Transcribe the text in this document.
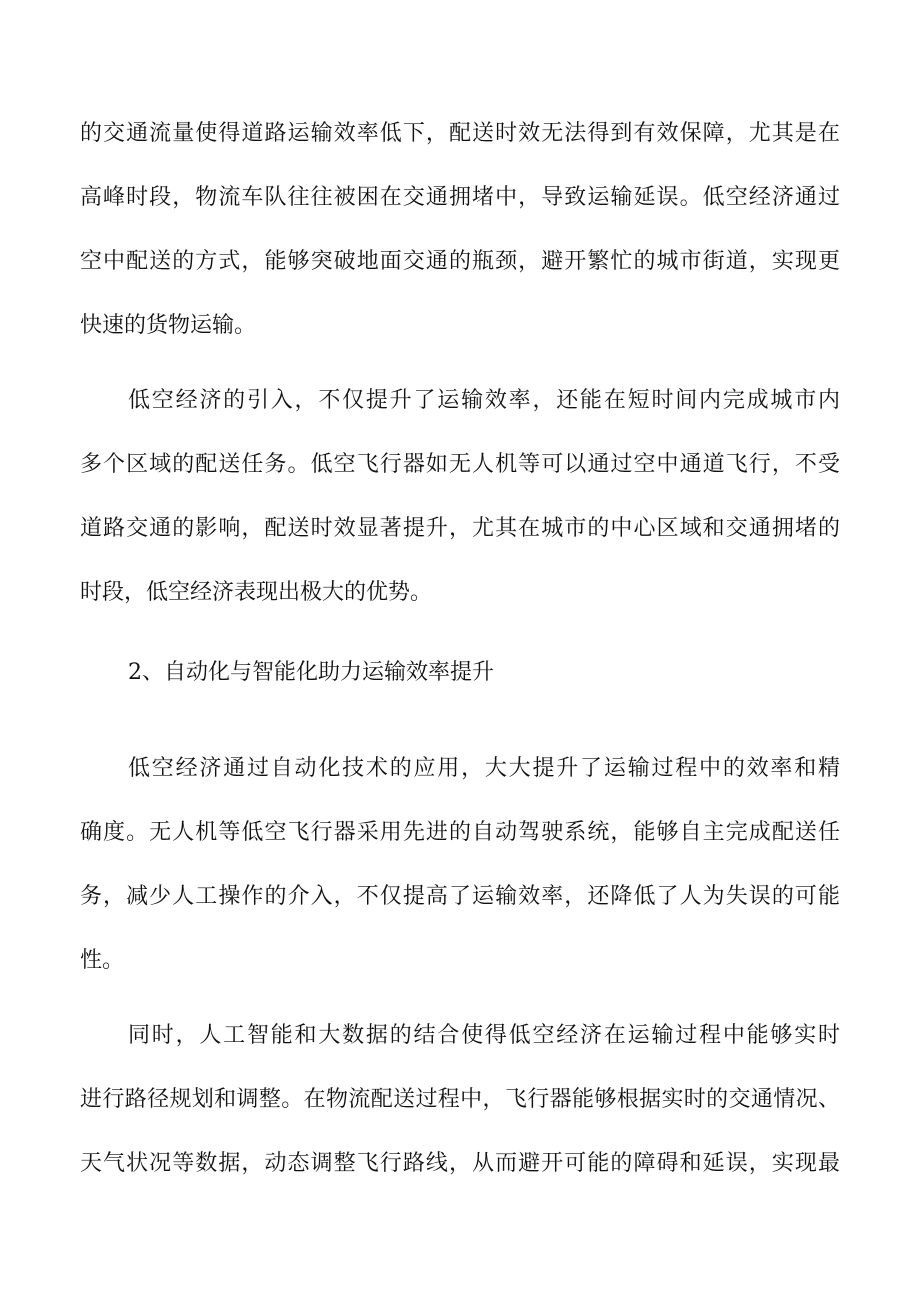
的交通流量使得道路运输效率低下，配送时效无法得到有效保障，尤其是在
高峰时段，物流车队往往被困在交通拥堵中，导致运输延误。低空经济通过
空中配送的方式，能够突破地面交通的瓶颈，避开繁忙的城市街道，实现更
快速的货物运输。
低空经济的引入，不仅提升了运输效率，还能在短时间内完成城市内
多个区域的配送任务。低空飞行器如无人机等可以通过空中通道飞行，不受
道路交通的影响，配送时效显著提升，尤其在城市的中心区域和交通拥堵的
时段，低空经济表现出极大的优势。
2、自动化与智能化助力运输效率提升
低空经济通过自动化技术的应用，大大提升了运输过程中的效率和精
确度。无人机等低空飞行器采用先进的自动驾驶系统，能够自主完成配送任
务，减少人工操作的介入，不仅提高了运输效率，还降低了人为失误的可能
性。
同时，人工智能和大数据的结合使得低空经济在运输过程中能够实时
进行路径规划和调整。在物流配送过程中，飞行器能够根据实时的交通情况、
天气状况等数据，动态调整飞行路线，从而避开可能的障碍和延误，实现最
